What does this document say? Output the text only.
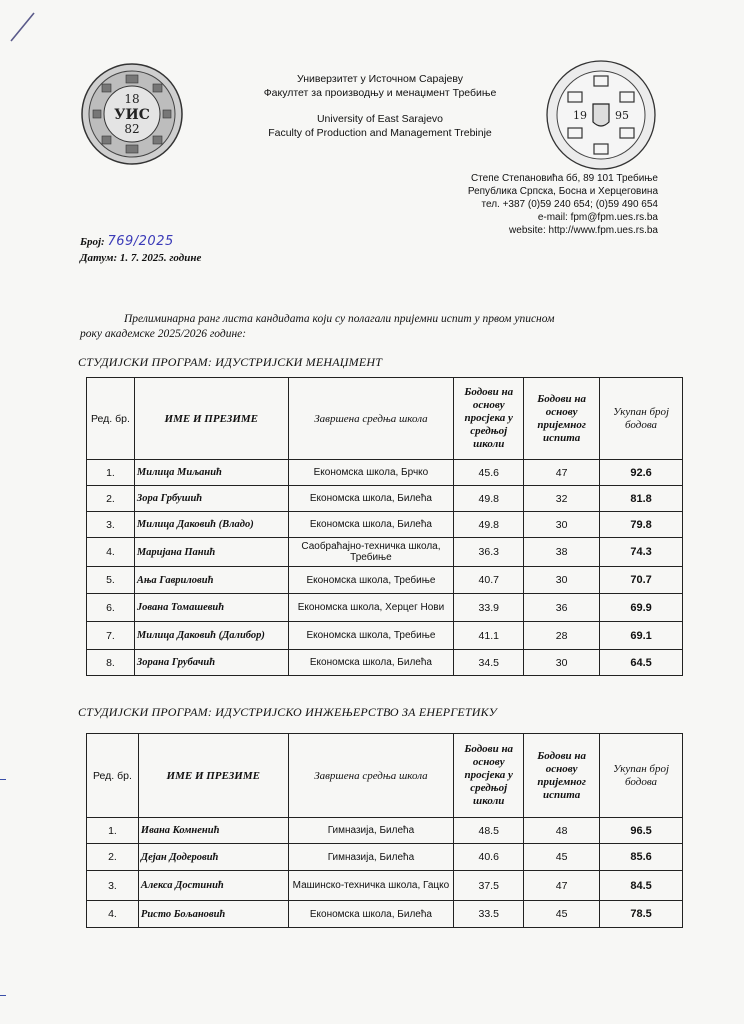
18
УИС
82
Универзитет у Источном Сарајеву
Факултет за производњу и менаџмент Требиње
University of East Sarajevo
Faculty of Production and Management Trebinje
19	95
Степе Степановића бб, 89 101 Требиње
Република Српска, Босна и Херцеговина
тел. +387 (0)59 240 654; (0)59 490 654
e-mail: fpm@fpm.ues.rs.ba
website: http://www.fpm.ues.rs.ba
Број: 769/2025
Датум: 1. 7. 2025. године
Прелиминарна ранг листа кандидата који су полагали пријемни испит у првом уписном
року академске 2025/2026 године:
СТУДИЈСКИ ПРОГРАМ: ИДУСТРИЈСКИ МЕНАЏМЕНТ
Ред. бр.	ИМЕ И ПРЕЗИМЕ	Завршена средња школа	Бодови на основу просјека у средњој школи	Бодови на основу пријемног испита	Укупан број бодова
1.	Милица Миљанић	Економска школа, Брчко	45.6	47	92.6
2.	Зора Грбушић	Економска школа, Билећа	49.8	32	81.8
3.	Милица Даковић (Владо)	Економска школа, Билећа	49.8	30	79.8
4.	Маријана Панић	Саобраћајно-техничка школа, Требиње	36.3	38	74.3
5.	Ања Гавриловић	Економска школа, Требиње	40.7	30	70.7
6.	Јована Томашевић	Економска школа, Херцег Нови	33.9	36	69.9
7.	Милица Даковић (Далибор)	Економска школа, Требиње	41.1	28	69.1
8.	Зорана Грубачић	Економска школа, Билећа	34.5	30	64.5
СТУДИЈСКИ ПРОГРАМ: ИДУСТРИЈСКО ИНЖЕЊЕРСТВО ЗА ЕНЕРГЕТИКУ
Ред. бр.	ИМЕ И ПРЕЗИМЕ	Завршена средња школа	Бодови на основу просјека у средњој школи	Бодови на основу пријемног испита	Укупан број бодова
1.	Ивана Комненић	Гимназија, Билећа	48.5	48	96.5
2.	Дејан Додеровић	Гимназија, Билећа	40.6	45	85.6
3.	Алекса Достинић	Машинско-техничка школа, Гацко	37.5	47	84.5
4.	Ристо Бољановић	Економска школа, Билећа	33.5	45	78.5
